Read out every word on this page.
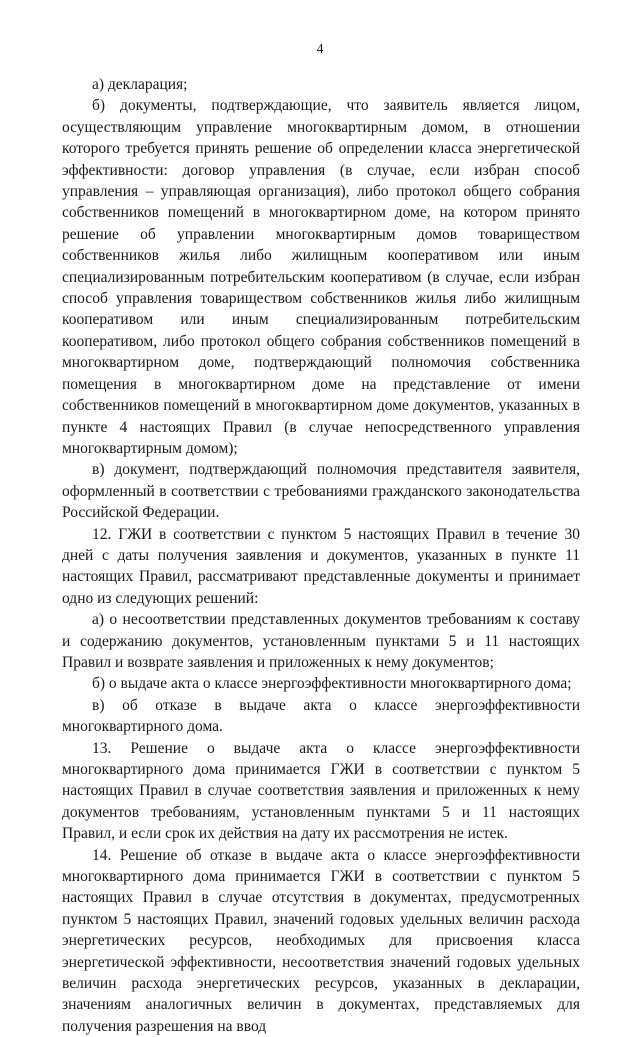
4

а) декларация;

б) документы, подтверждающие, что заявитель является лицом, осуществляющим управление многоквартирным домом, в отношении которого требуется принять решение об определении класса энергетической эффективности: договор управления (в случае, если избран способ управления – управляющая организация), либо протокол общего собрания собственников помещений в многоквартирном доме, на котором принято решение об управлении многоквартирным домов товариществом собственников жилья либо жилищным кооперативом или иным специализированным потребительским кооперативом (в случае, если избран способ управления товариществом собственников жилья либо жилищным кооперативом или иным специализированным потребительским кооперативом, либо протокол общего собрания собственников помещений в многоквартирном доме, подтверждающий полномочия собственника помещения в многоквартирном доме на представление от имени собственников помещений в многоквартирном доме документов, указанных в пункте 4 настоящих Правил (в случае непосредственного управления многоквартирным домом);

в) документ, подтверждающий полномочия представителя заявителя, оформленный в соответствии с требованиями гражданского законодательства Российской Федерации.

12. ГЖИ в соответствии с пунктом 5 настоящих Правил в течение 30 дней с даты получения заявления и документов, указанных в пункте 11 настоящих Правил, рассматривают представленные документы и принимает одно из следующих решений:

а) о несоответствии представленных документов требованиям к составу и содержанию документов, установленным пунктами 5 и 11 настоящих Правил и возврате заявления и приложенных к нему документов;

б) о выдаче акта о классе энергоэффективности многоквартирного дома;

в) об отказе в выдаче акта о классе энергоэффективности многоквартирного дома.

13. Решение о выдаче акта о классе энергоэффективности многоквартирного дома принимается ГЖИ в соответствии с пунктом 5 настоящих Правил в случае соответствия заявления и приложенных к нему документов требованиям, установленным пунктами 5 и 11 настоящих Правил, и если срок их действия на дату их рассмотрения не истек.

14. Решение об отказе в выдаче акта о классе энергоэффективности многоквартирного дома принимается ГЖИ в соответствии с пунктом 5 настоящих Правил в случае отсутствия в документах, предусмотренных пунктом 5 настоящих Правил, значений годовых удельных величин расхода энергетических ресурсов, необходимых для присвоения класса энергетической эффективности, несоответствия значений годовых удельных величин расхода энергетических ресурсов, указанных в декларации, значениям аналогичных величин в документах, представляемых для получения разрешения на ввод
